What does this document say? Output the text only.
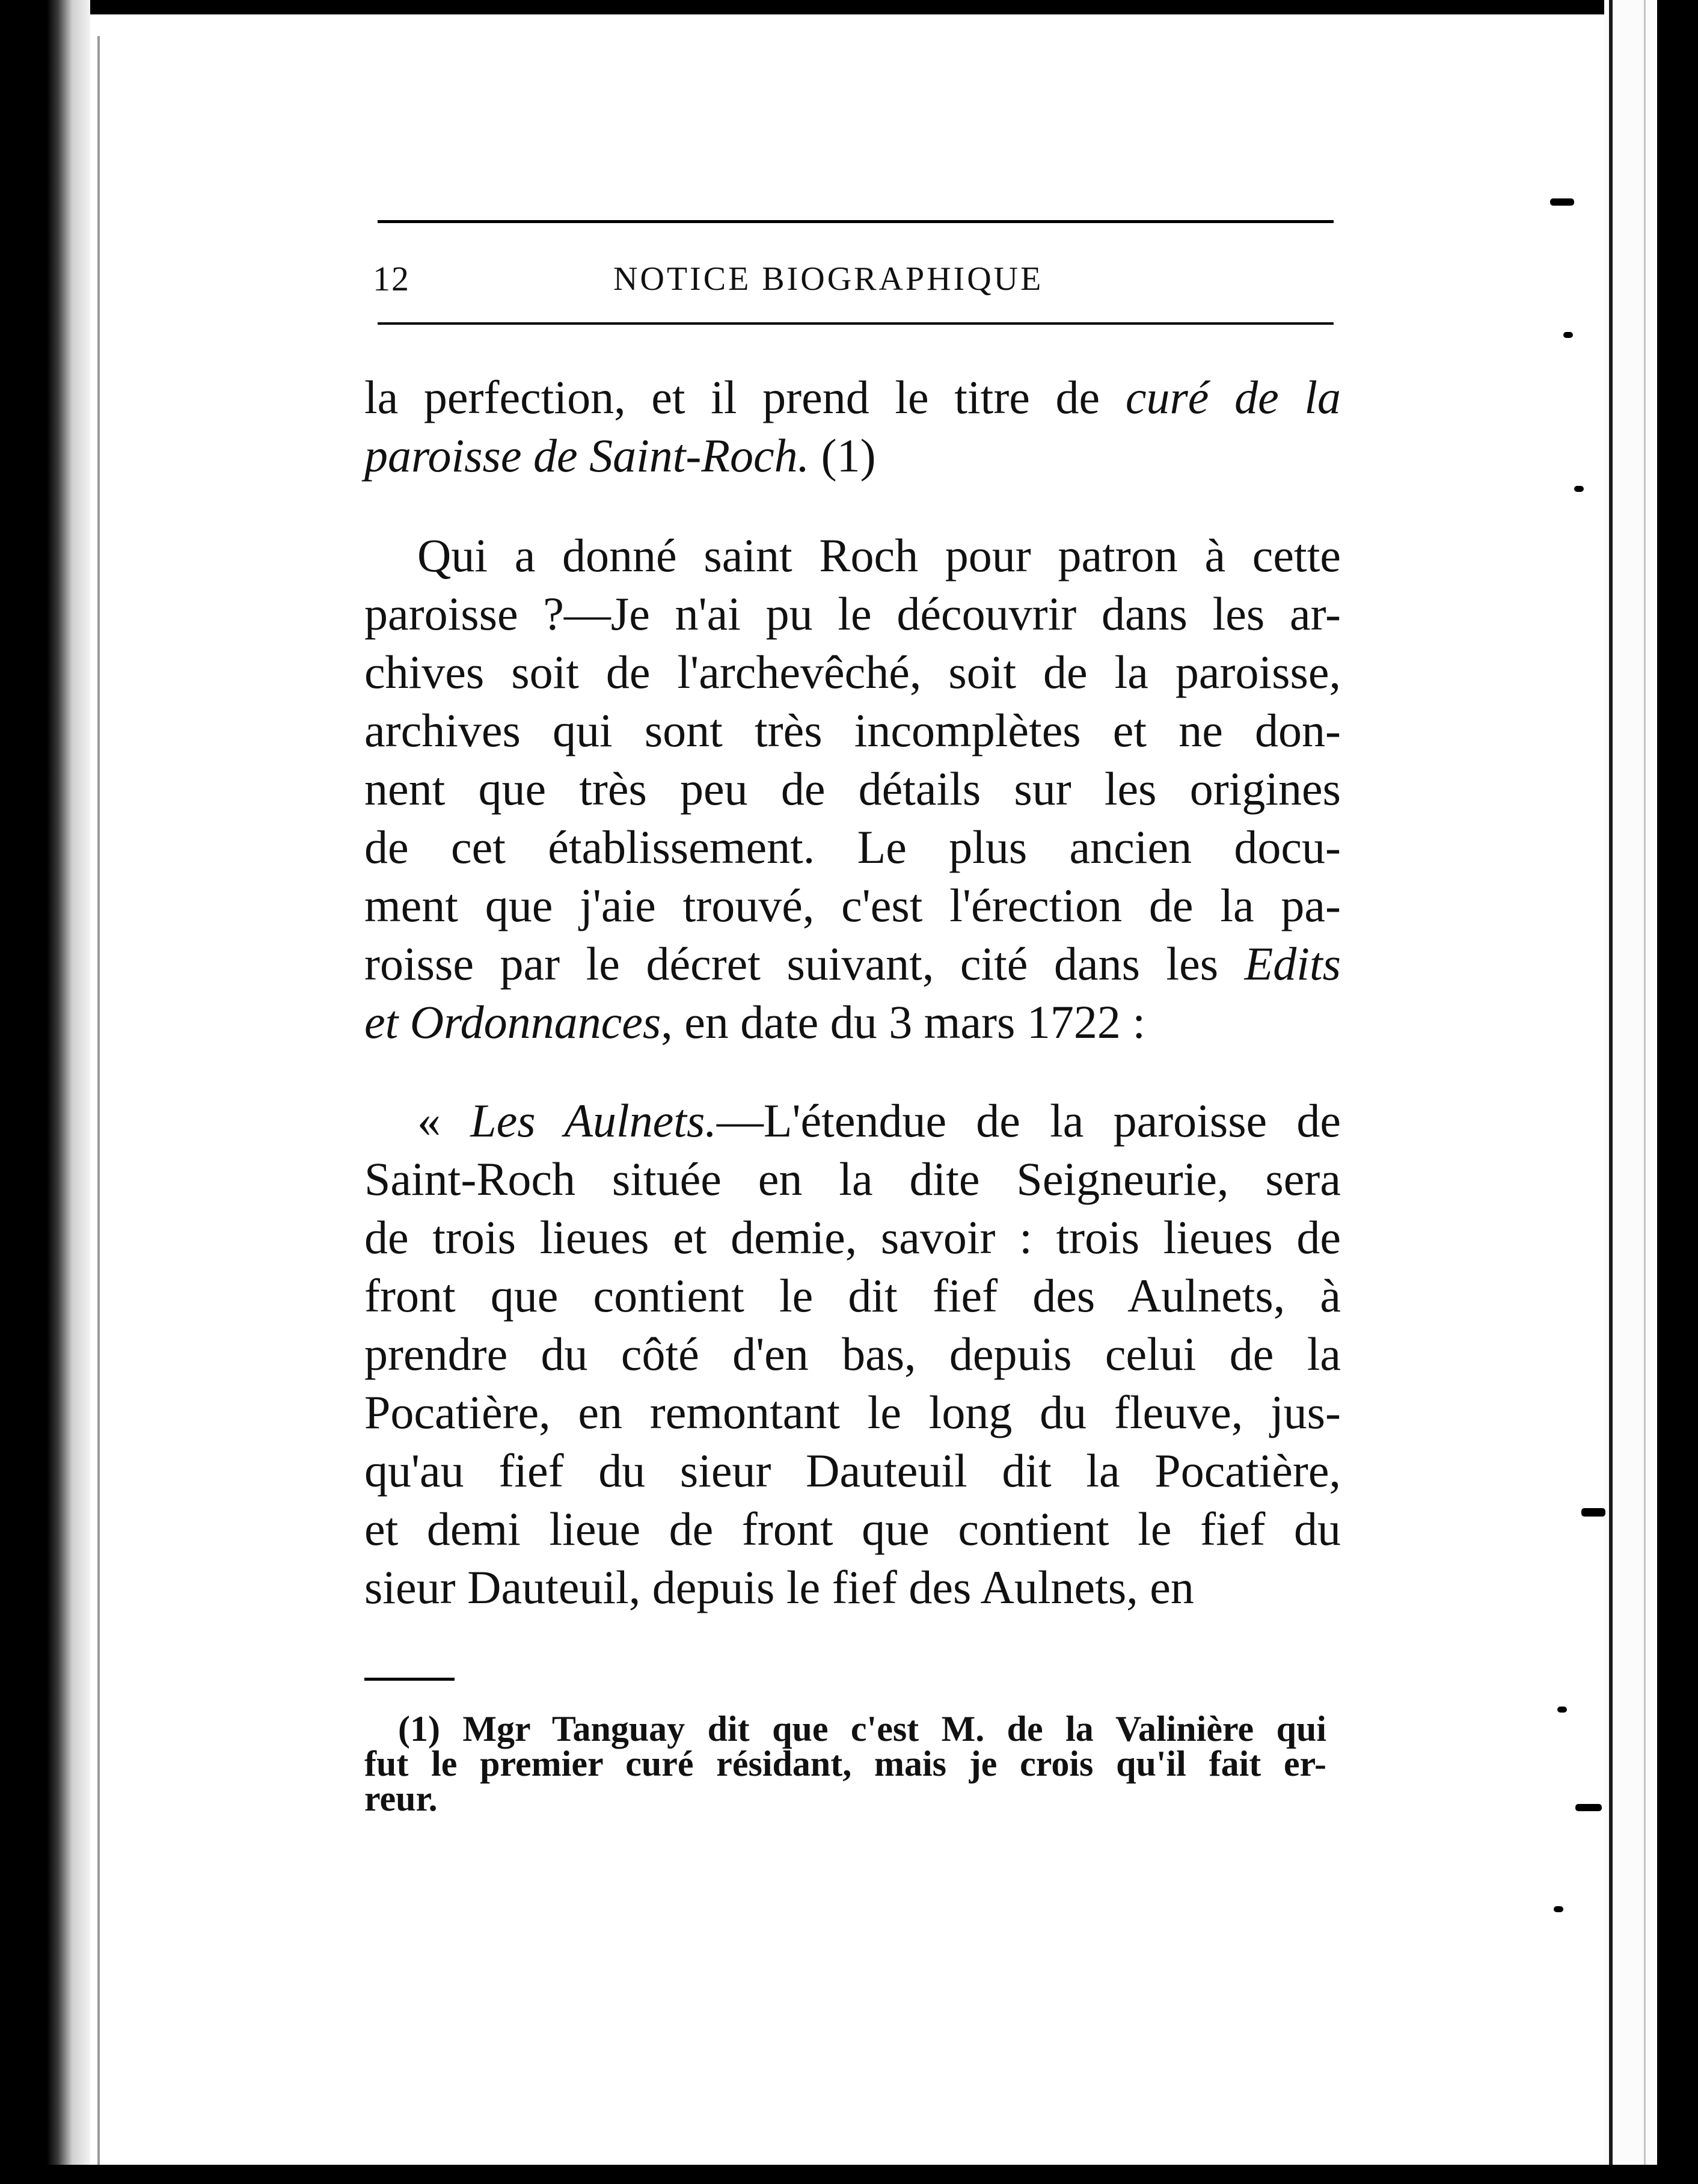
12	NOTICE BIOGRAPHIQUE
la perfection, et il prend le titre de curé de la
paroisse de Saint-Roch. (1)
Qui a donné saint Roch pour patron à cette
paroisse ?—Je n'ai pu le découvrir dans les ar-
chives soit de l'archevêché, soit de la paroisse,
archives qui sont très incomplètes et ne don-
nent que très peu de détails sur les origines
de cet établissement. Le plus ancien docu-
ment que j'aie trouvé, c'est l'érection de la pa-
roisse par le décret suivant, cité dans les Edits
et Ordonnances, en date du 3 mars 1722 :
« Les Aulnets.—L'étendue de la paroisse de
Saint-Roch située en la dite Seigneurie, sera
de trois lieues et demie, savoir : trois lieues de
front que contient le dit fief des Aulnets, à
prendre du côté d'en bas, depuis celui de la
Pocatière, en remontant le long du fleuve, jus-
qu'au fief du sieur Dauteuil dit la Pocatière,
et demi lieue de front que contient le fief du
sieur Dauteuil, depuis le fief des Aulnets, en
(1) Mgr Tanguay dit que c'est M. de la Valinière qui
fut le premier curé résidant, mais je crois qu'il fait er-
reur.
